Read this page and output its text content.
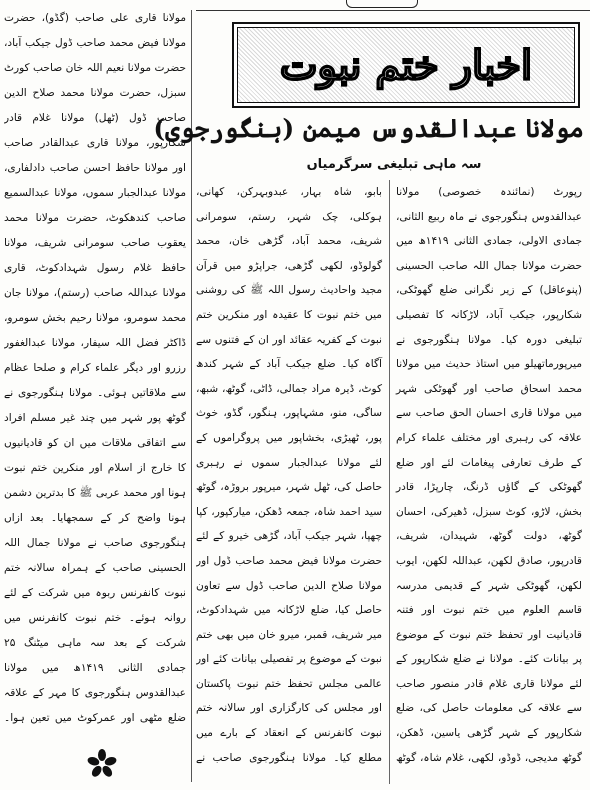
مولانا قاری علی صاحب (گڈو)، حضرت مولانا فیض محمد صاحب ڈول جیکب آباد، حضرت مولانا نعیم اللہ خان صاحب کورٹ سبزل، حضرت مولانا محمد صلاح الدین صاحب ڈول (ٹھل) مولانا غلام قادر شکارپور، مولانا قاری عبدالقادر صاحب اور مولانا حافظ احسن صاحب دادلفاری، مولانا عبدالجبار سموں، مولانا عبدالسمیع صاحب کندھکوٹ، حضرت مولانا محمد یعقوب صاحب سومرانی شریف، مولانا حافظ غلام رسول شہدادکوٹ، قاری مولانا عبداللہ صاحب (رستم)، مولانا جان محمد سومرو، مولانا رحیم بخش سومرو، ڈاکٹر فضل اللہ سیفار، مولانا عبدالغفور رزرو اور دیگر علماء کرام و صلحا عظام سے ملاقاتیں ہوئی۔ مولانا ہنگورجوی نے گوٹھ پور شہر میں چند غیر مسلم افراد سے اتفاقی ملاقات میں ان کو قادیانیوں کا خارج از اسلام اور منکرین ختم نبوت ہونا اور محمد عربی ﷺ کا بدترین دشمن ہونا واضح کر کے سمجھایا۔ بعد ازاں ہنگورجوی صاحب نے مولانا جمال اللہ الحسینی صاحب کے ہمراہ سالانہ ختم نبوت کانفرنس ربوہ میں شرکت کے لئے روانہ ہوئے۔ ختم نبوت کانفرنس میں شرکت کے بعد سہ ماہی میٹنگ ۲۵ جمادی الثانی ۱۴۱۹ھ میں مولانا عبدالقدوس ہنگورجوی کا مہر کے علاقہ ضلع مٹھی اور عمرکوٹ میں تعین ہوا۔
اخبار ختم نبوت
مولانا عبدالقدوس میمن (ہنگورجوی)
سہ ماہی تبلیغی سرگرمیاں

رپورٹ (نمائندہ خصوصی) مولانا عبدالقدوس ہنگورجوی نے ماہ ربیع الثانی، جمادی الاولی، جمادی الثانی ۱۴۱۹ھ میں حضرت مولانا جمال اللہ صاحب الحسینی (پنوعاقل) کے زیر نگرانی ضلع گھوٹکی، شکارپور، جیکب آباد، لاڑکانہ کا تفصیلی تبلیغی دورہ کیا۔ مولانا ہنگورجوی نے میرپورماتھیلو میں استاذ حدیث میں مولانا محمد اسحاق صاحب اور گھوٹکی شہر میں مولانا قاری احسان الحق صاحب سے علاقہ کی رہبری اور مختلف علماء کرام کے طرف تعارفی پیغامات لئے اور ضلع گھوٹکی کے گاؤں ڈرنگ، چارپڑا، قادر بخش، لاڑو، کوٹ سبزل، ڈھیرکی، احسان گوٹھ، دولت گوٹھ، شہیدان، شریف، قادرپور، صادق لکھن، عبداللہ لکھن، ایوب لکھن، گھوٹکی شہر کے قدیمی مدرسہ قاسم العلوم میں ختم نبوت اور فتنہ قادیانیت اور تحفظ ختم نبوت کے موضوع پر بیانات کئے۔ مولانا نے ضلع شکارپور کے لئے مولانا قاری غلام قادر منصور صاحب سے علاقہ کی معلومات حاصل کی، ضلع شکارپور کے شہر گڑھی یاسین، ڈھکن، گوٹھ مدیجی، ڈوڈو، لکھی، غلام شاہ، گوٹھ بابو، شاہ بہار، عبدوبہرکن، کھانی، ہوکلی، چک شہر، رستم، سومرانی شریف، محمد آباد، گڑھی خان، محمد گولوڈو، لکھی گڑھی، جراپڑو میں قرآن مجید واحادیث رسول اللہ ﷺ کی روشنی میں ختم نبوت کا عقیدہ اور منکرین ختم نبوت کے کفریہ عقائد اور ان کے فتنوں سے آگاہ کیا۔ ضلع جیکب آباد کے شہر کندھ کوٹ، ڈیرہ مراد جمالی، ڈاٹی، گوٹھ، شبھ، ساگی، منو، مشہاپور، ہنگور، گڈو، خوث پور، ٹھیڑی، بخشاپور میں پروگراموں کے لئے مولانا عبدالجبار سموں نے رہبری حاصل کی، ٹھل شہر، میرپور بروڑہ، گوٹھ سید احمد شاہ، جمعہ ڈھکن، میارکپور، کپا چھپا، شہر جیکب آباد، گڑھی خیرو کے لئے حضرت مولانا فیض محمد صاحب ڈول اور مولانا صلاح الدین صاحب ڈول سے تعاون حاصل کیا، ضلع لاڑکانہ میں شہدادکوٹ، میر شریف، قمبر، میرو خان میں بھی ختم نبوت کے موضوع پر تفصیلی بیانات کئے اور عالمی مجلس تحفظ ختم نبوت پاکستان اور مجلس کی کارگزاری اور سالانہ ختم نبوت کانفرنس کے انعقاد کے بارے میں مطلع کیا۔ مولانا ہنگورجوی صاحب نے
